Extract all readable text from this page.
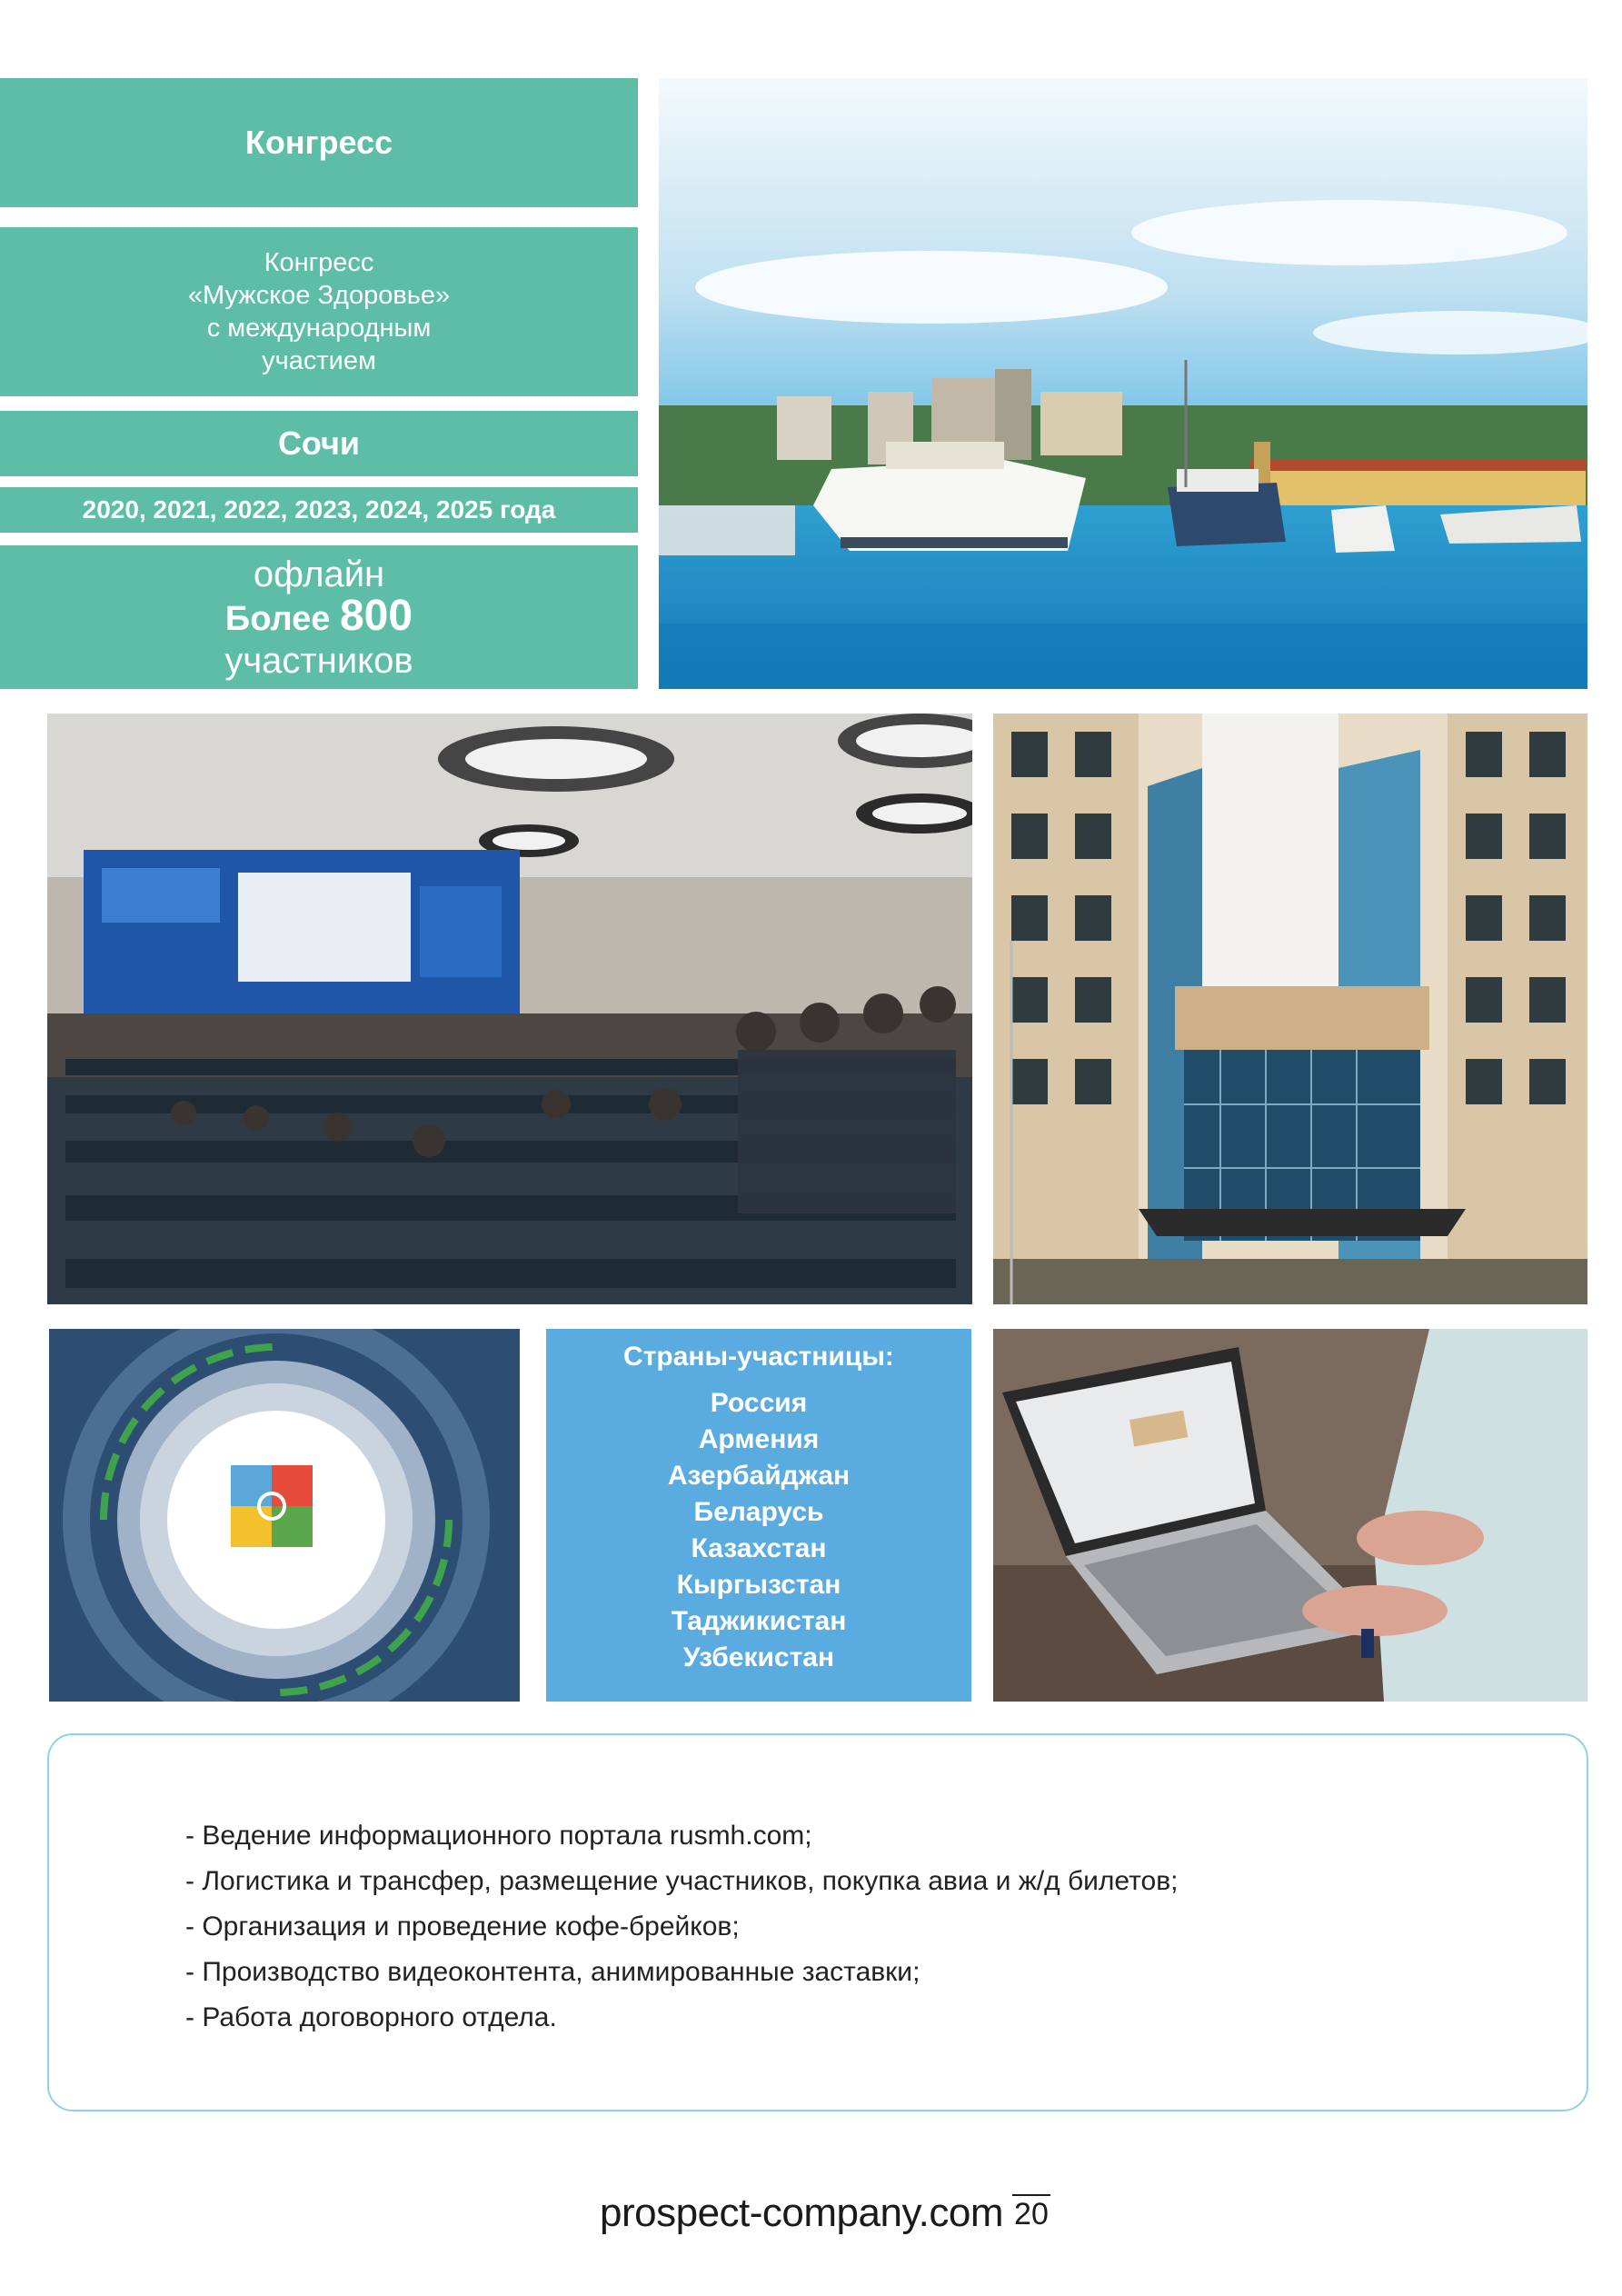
Конгресс
Конгресс
«Мужское Здоровье»
с международным
участием
Сочи
2020, 2021, 2022, 2023, 2024, 2025 года
офлайн
Более 800
участников
Страны-участницы:
Россия
Армения
Азербайджан
Беларусь
Казахстан
Кыргызстан
Таджикистан
Узбекистан
- Ведение информационного портала rusmh.com;
- Логистика и трансфер, размещение участников, покупка авиа и ж/д билетов;
- Организация и проведение кофе-брейков;
- Производство видеоконтента, анимированные заставки;
- Работа договорного отдела.
prospect-company.com 20
